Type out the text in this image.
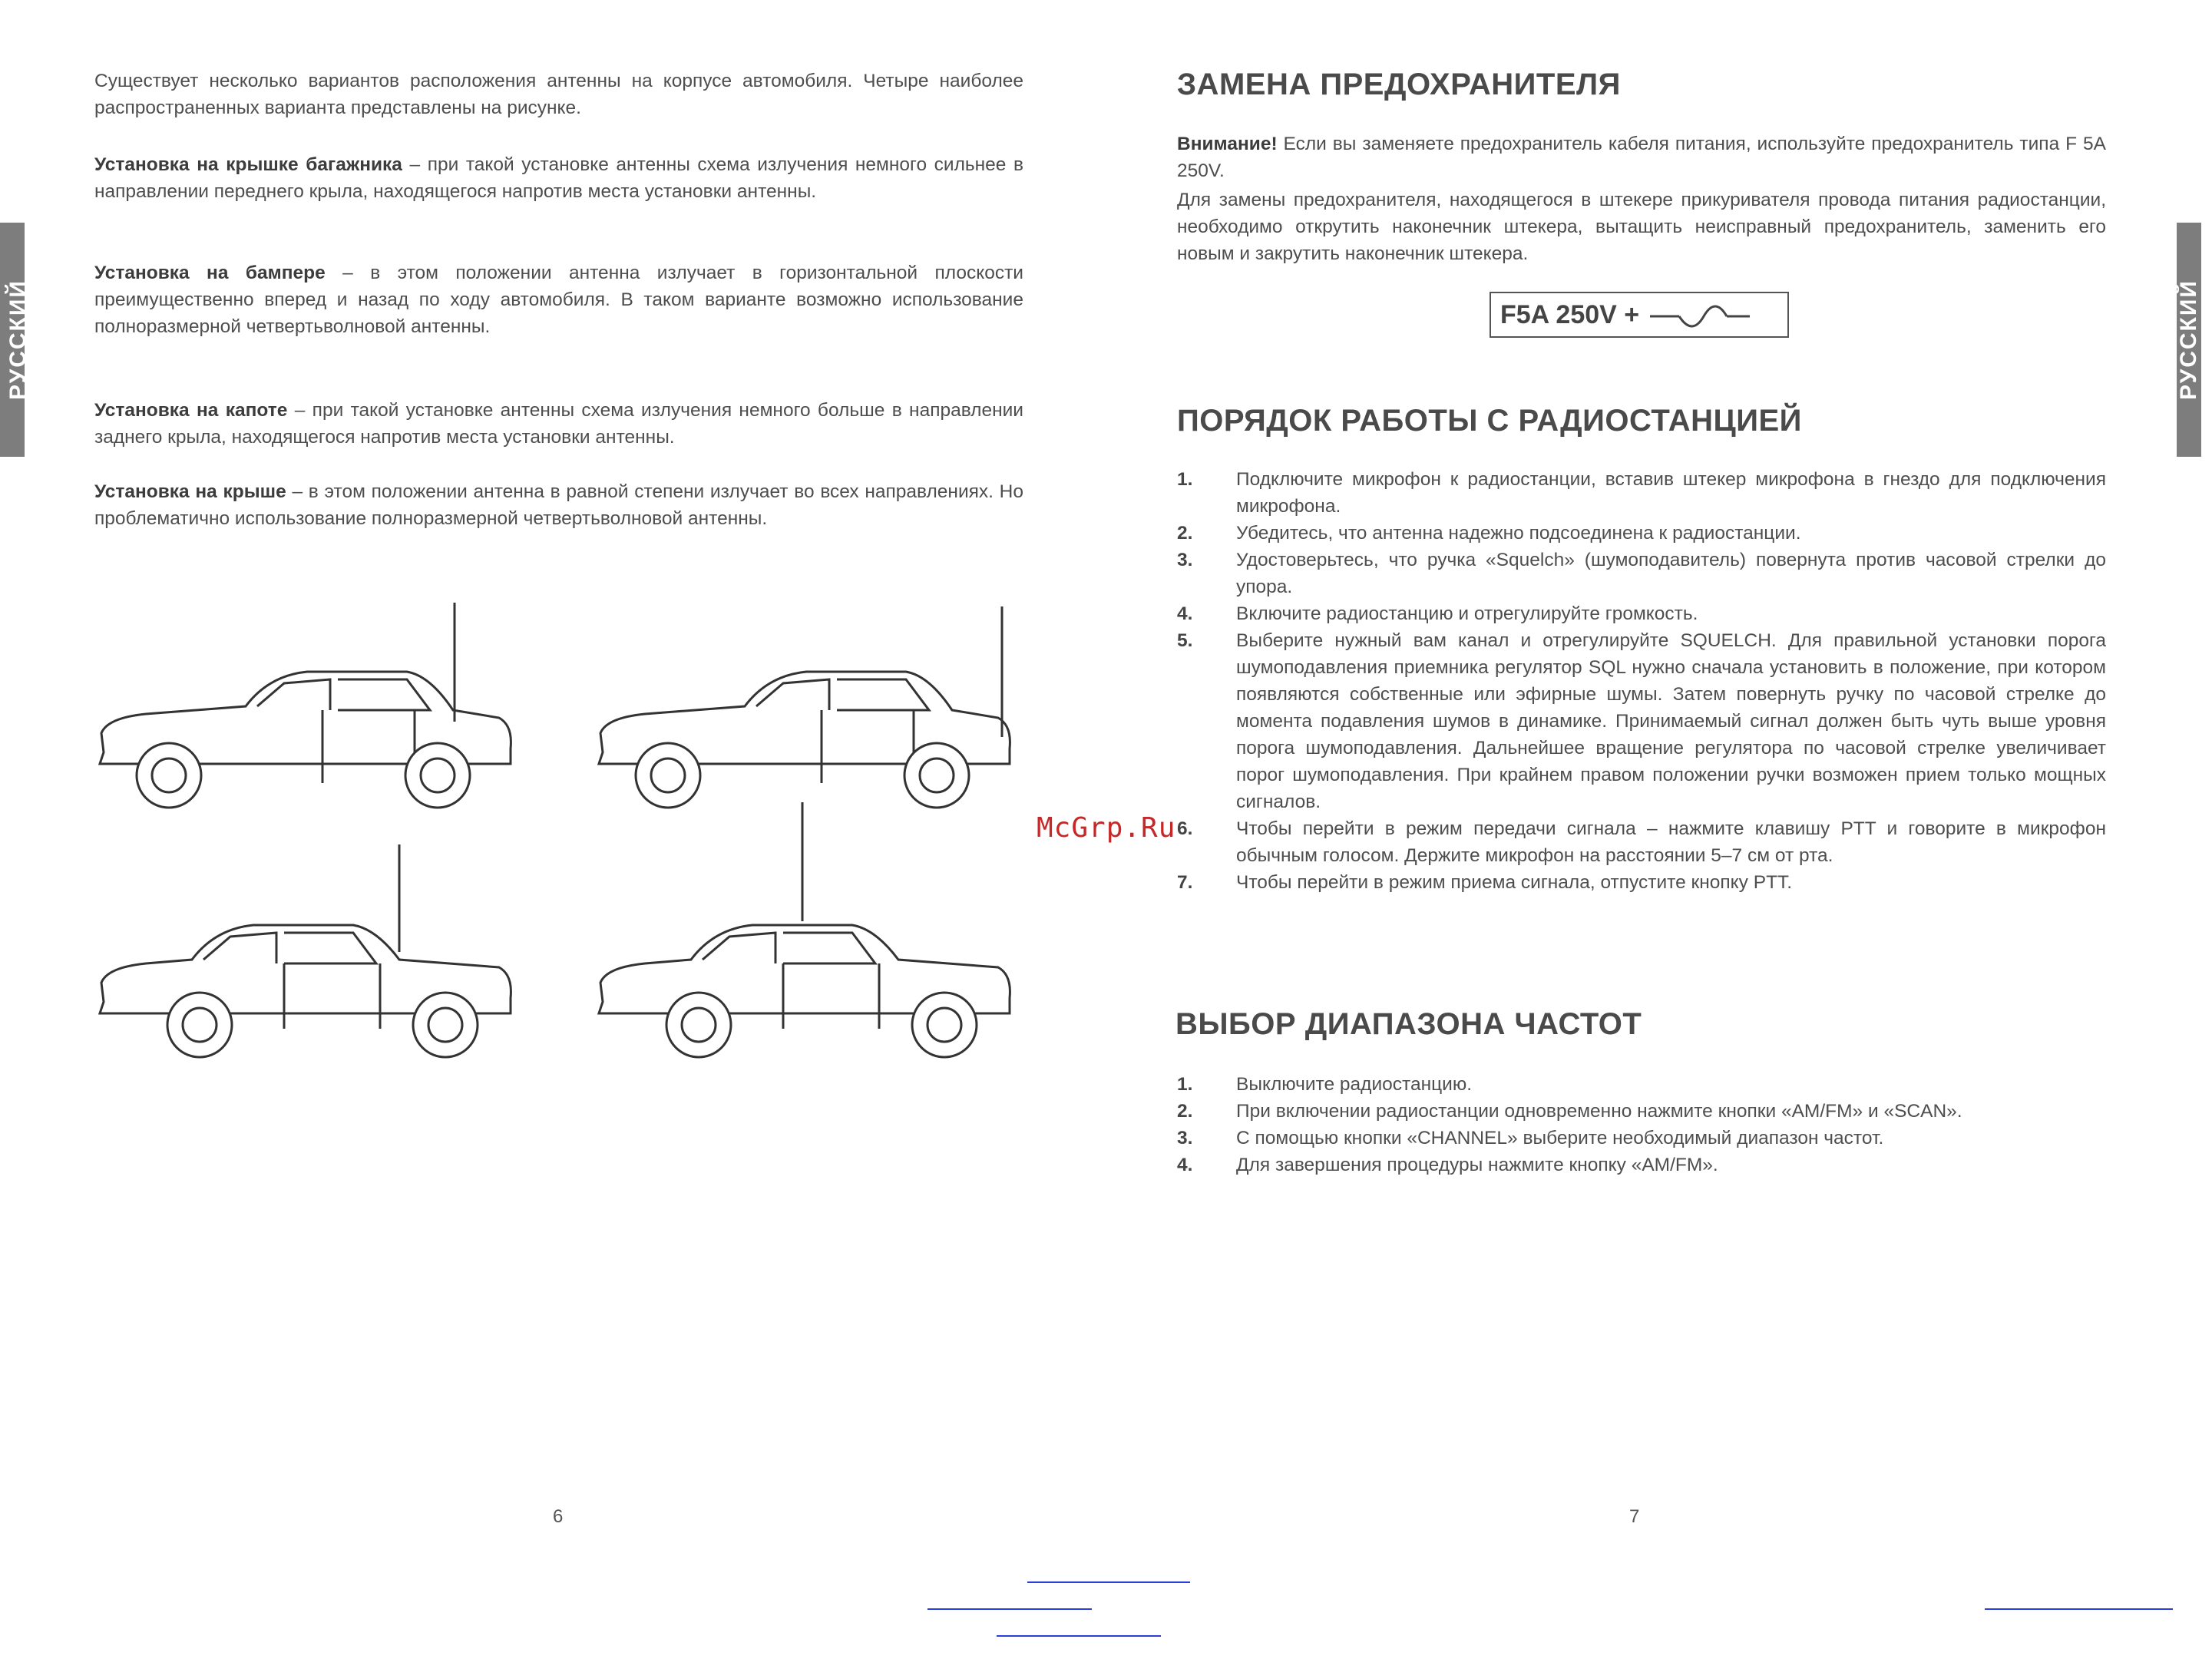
РУССКИЙ

Существует несколько вариантов расположения антенны на корпусе автомобиля. Четыре наиболее распространенных варианта представлены на рисунке.

Установка на крышке багажника – при такой установке антенны схема излучения немного сильнее в направлении переднего крыла, находящегося напротив места установки антенны.

Установка на бампере – в этом положении антенна излучает в горизонтальной плоскости преимущественно вперед и назад по ходу автомобиля. В таком варианте возможно использование полноразмерной четвертьволновой антенны.

Установка на капоте – при такой установке антенны схема излучения немного больше в направлении заднего крыла, находящегося напротив места установки антенны.

Установка на крыше – в этом положении антенна в равной степени излучает во всех направлениях. Но проблематично использование полноразмерной четвертьволновой антенны.

6
РУССКИЙ
ЗАМЕНА ПРЕДОХРАНИТЕЛЯ

Внимание! Если вы заменяете предохранитель кабеля питания, используйте предохранитель типа F 5A 250V.

Для замены предохранителя, находящегося в штекере прикуривателя провода питания радиостанции, необходимо открутить наконечник штекера, вытащить неисправный предохранитель, заменить его новым и закрутить наконечник штекера.

F5A 250V +
ПОРЯДОК РАБОТЫ С РАДИОСТАНЦИЕЙ
1. Подключите микрофон к радиостанции, вставив штекер микрофона в гнездо для подключения микрофона.
2. Убедитесь, что антенна надежно подсоединена к радиостанции.
3. Удостоверьтесь, что ручка «Squelch» (шумоподавитель) повернута против часовой стрелки до упора.
4. Включите радиостанцию и отрегулируйте громкость.
5. Выберите нужный вам канал и отрегулируйте SQUELCH. Для правильной установки порога шумоподавления приемника регулятор SQL нужно сначала установить в положение, при котором появляются собственные или эфирные шумы. Затем повернуть ручку по часовой стрелке до момента подавления шумов в динамике. Принимаемый сигнал должен быть чуть выше уровня порога шумоподавления. Дальнейшее вращение регулятора по часовой стрелке увеличивает порог шумоподавления. При крайнем правом положении ручки возможен прием только мощных сигналов.
6. Чтобы перейти в режим передачи сигнала – нажмите клавишу PTT и говорите в микрофон обычным голосом. Держите микрофон на расстоянии 5–7 см от рта.
7. Чтобы перейти в режим приема сигнала, отпустите кнопку PTT.
ВЫБОР ДИАПАЗОНА ЧАСТОТ
1. Выключите радиостанцию.
2. При включении радиостанции одновременно нажмите кнопки «AM/FM» и «SCAN».
3. С помощью кнопки «CHANNEL» выберите необходимый диапазон частот.
4. Для завершения процедуры нажмите кнопку «AM/FM».
7
McGrp.Ru
